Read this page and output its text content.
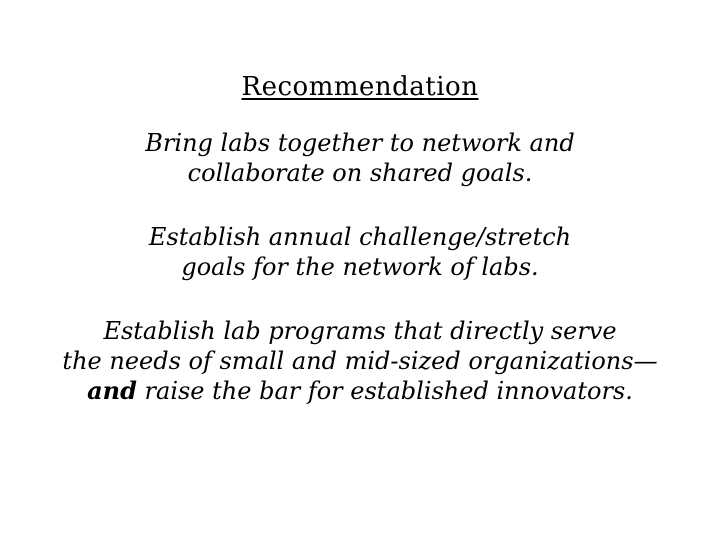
Recommendation
Bring labs together to network and
collaborate on shared goals.
Establish annual challenge/stretch
goals for the network of labs.
Establish lab programs that directly serve
the needs of small and mid-sized organizations—
and raise the bar for established innovators.
